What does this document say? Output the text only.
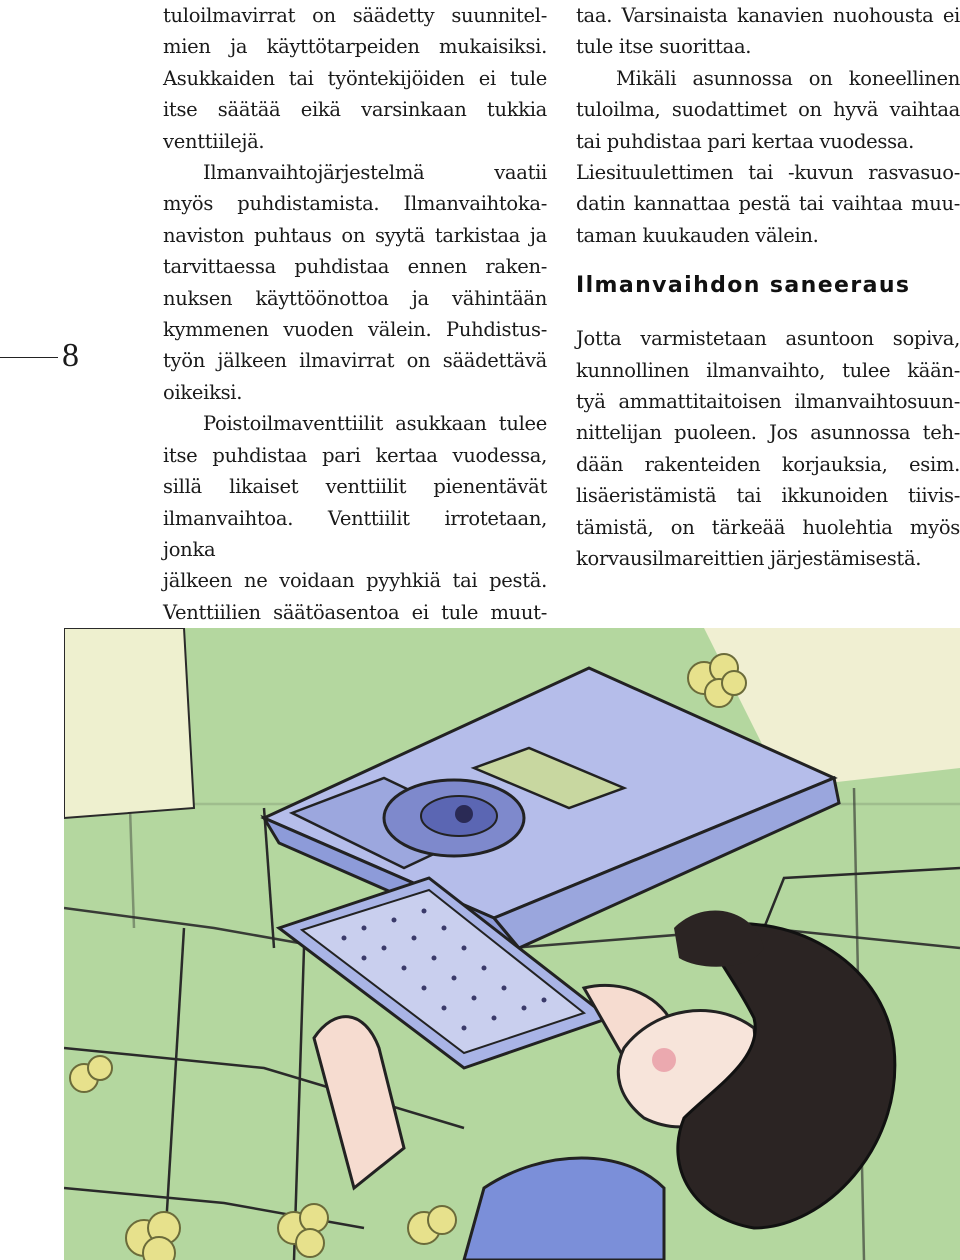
8
tuloilmavirrat on säädetty suunnitel-
mien ja käyttötarpeiden mukaisiksi.
Asukkaiden tai työntekijöiden ei tule
itse säätää eikä varsinkaan tukkia
venttiilejä.
Ilmanvaihtojärjestelmä vaatii
myös puhdistamista. Ilmanvaihtoka-
naviston puhtaus on syytä tarkistaa ja
tarvittaessa puhdistaa ennen raken-
nuksen käyttöönottoa ja vähintään
kymmenen vuoden välein. Puhdistus-
työn jälkeen ilmavirrat on säädettävä
oikeiksi.
Poistoilmaventtiilit asukkaan tulee
itse puhdistaa pari kertaa vuodessa,
sillä likaiset venttiilit pienentävät
ilmanvaihtoa. Venttiilit irrotetaan, jonka
jälkeen ne voidaan pyyhkiä tai pestä.
Venttiilien säätöasentoa ei tule muut-
taa. Varsinaista kanavien nuohousta ei
tule itse suorittaa.
Mikäli asunnossa on koneellinen
tuloilma, suodattimet on hyvä vaihtaa
tai puhdistaa pari kertaa vuodessa.
Liesituulettimen tai -kuvun rasvasuo-
datin kannattaa pestä tai vaihtaa muu-
taman kuukauden välein.
Ilmanvaihdon saneeraus
Jotta varmistetaan asuntoon sopiva,
kunnollinen ilmanvaihto, tulee kään-
tyä ammattitaitoisen ilmanvaihtosuun-
nittelijan puoleen. Jos asunnossa teh-
dään rakenteiden korjauksia, esim.
lisäeristämistä tai ikkunoiden tiivis-
tämistä, on tärkeää huolehtia myös
korvausilmareittien järjestämisestä.
